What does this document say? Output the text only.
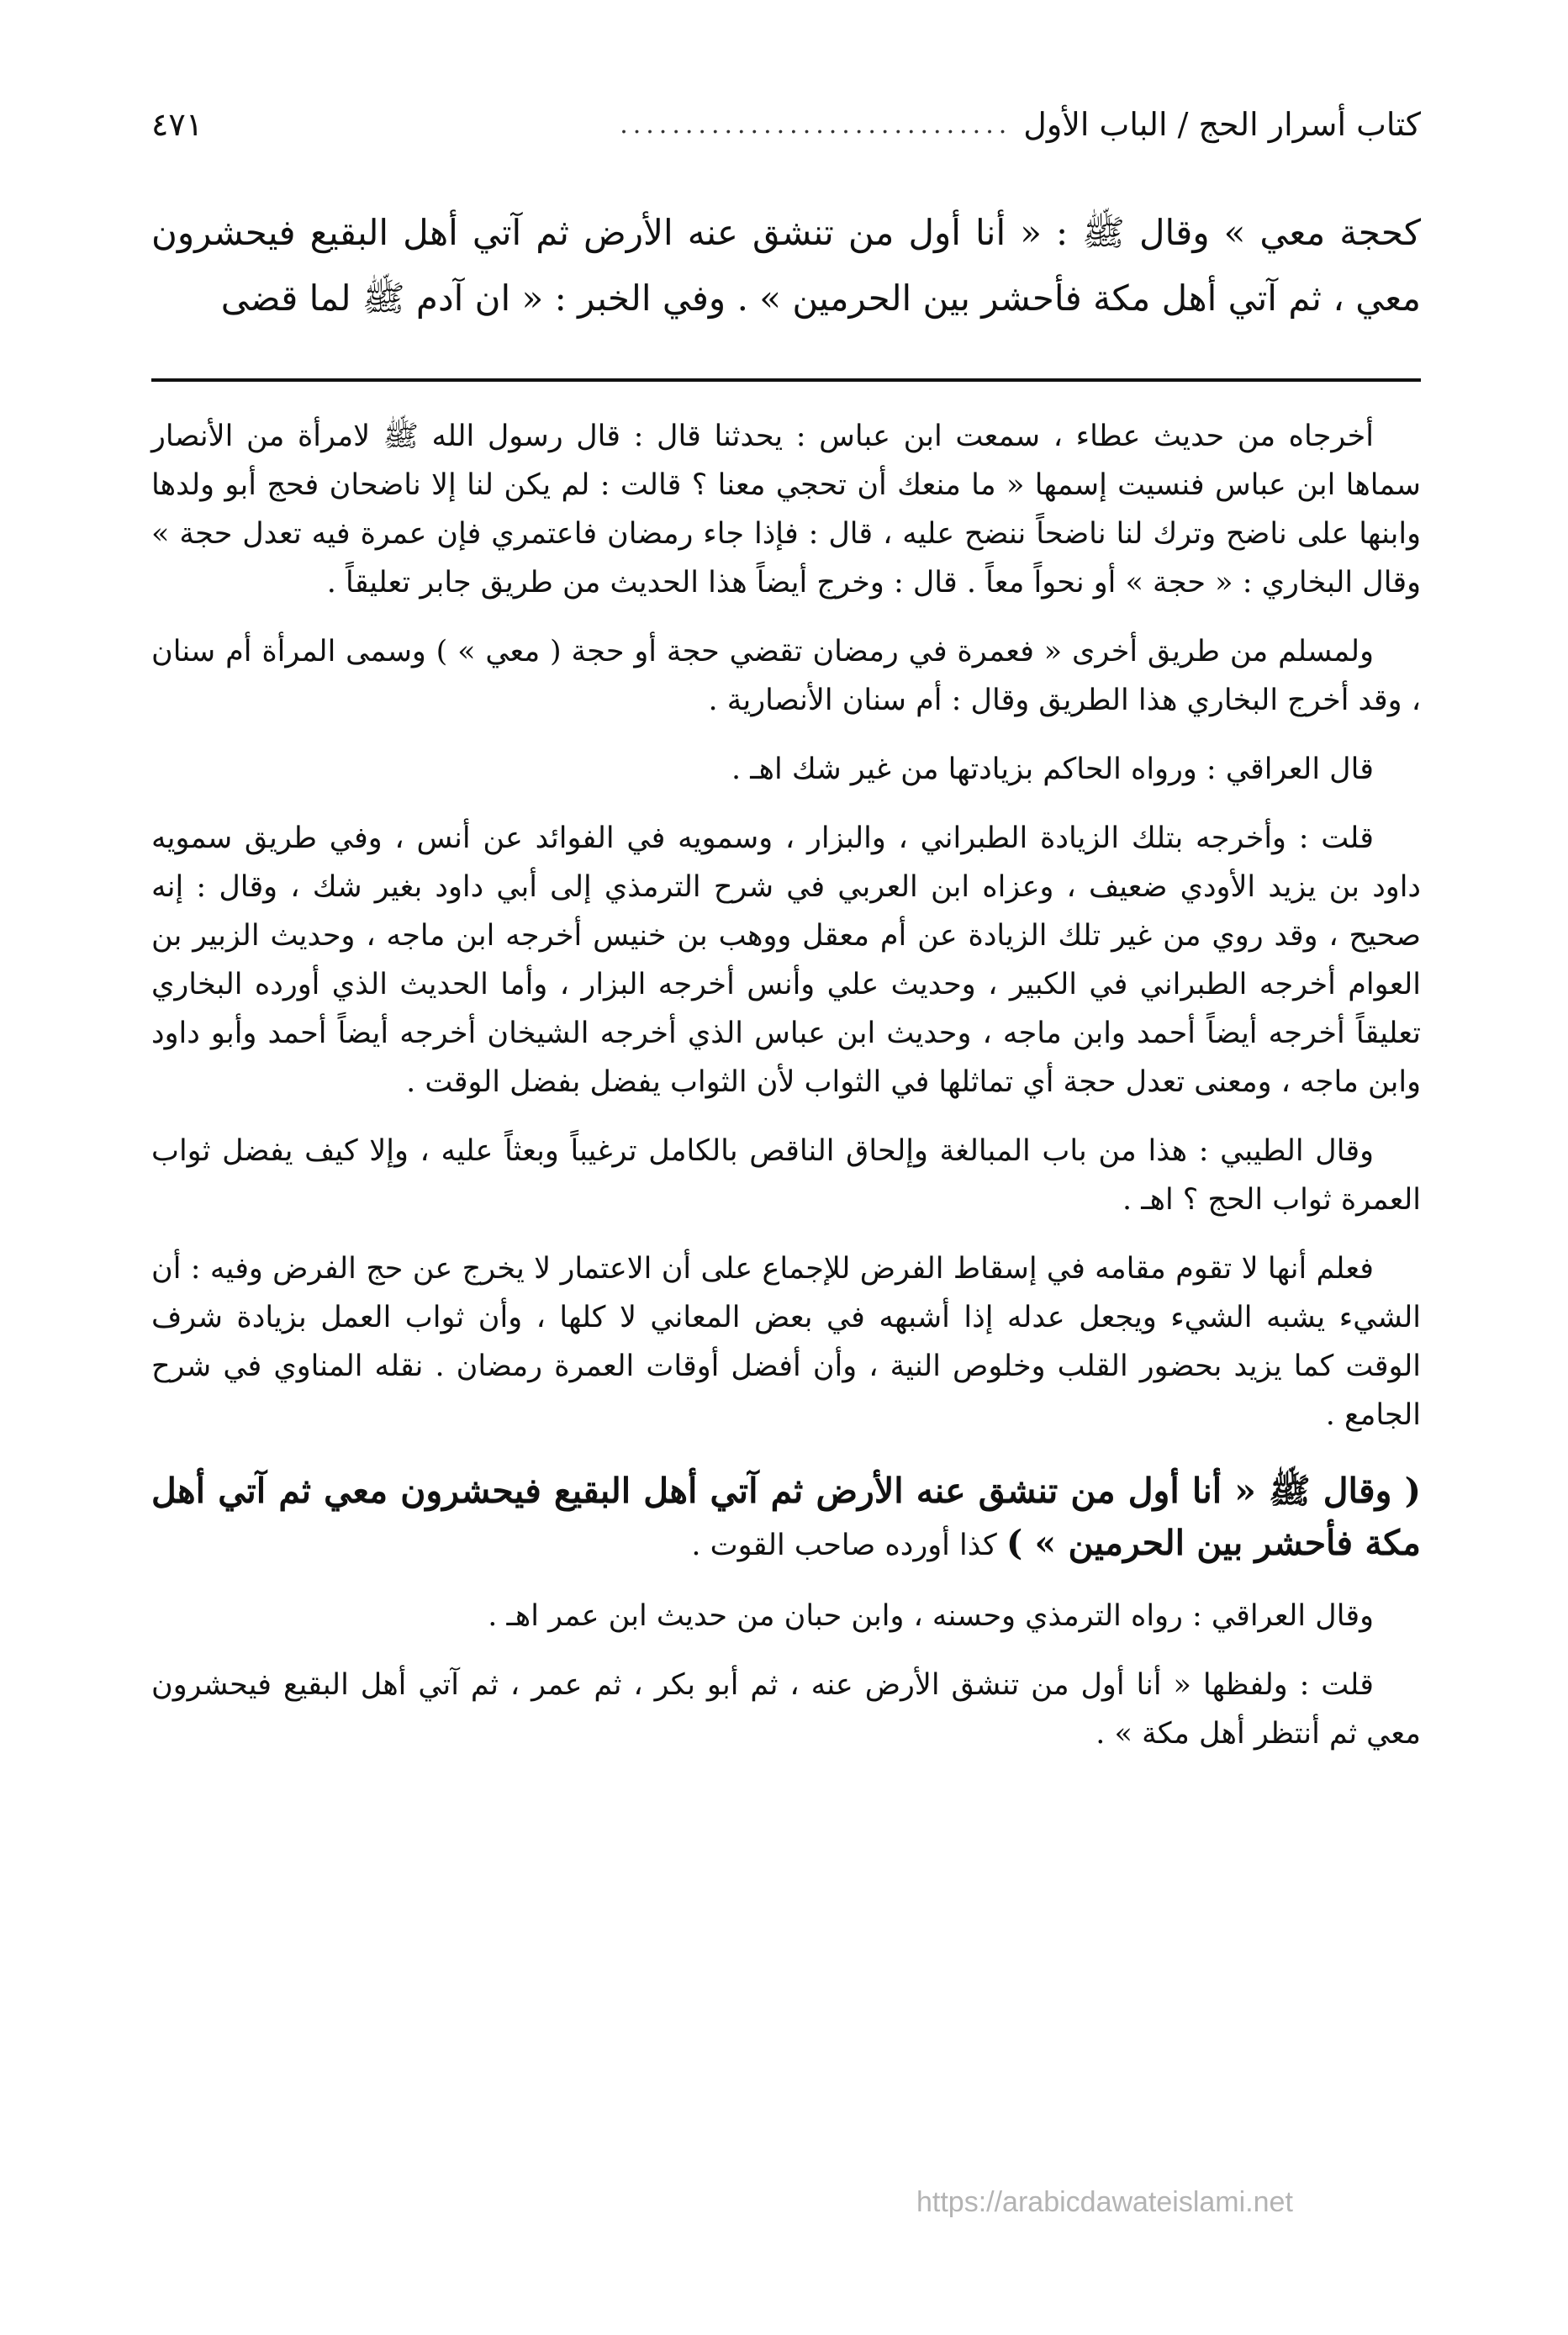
كتاب أسرار الحج / الباب الأول
..............................
٤٧١

كحجة معي » وقال ﷺ : « أنا أول من تنشق عنه الأرض ثم آتي أهل البقيع فيحشرون معي ، ثم آتي أهل مكة فأحشر بين الحرمين » . وفي الخبر : « ان آدم ﷺ لما قضى

أخرجاه من حديث عطاء ، سمعت ابن عباس : يحدثنا قال : قال رسول الله ﷺ لامرأة من الأنصار سماها ابن عباس فنسيت إسمها « ما منعك أن تحجي معنا ؟ قالت : لم يكن لنا إلا ناضحان فحج أبو ولدها وابنها على ناضح وترك لنا ناضحاً ننضح عليه ، قال : فإذا جاء رمضان فاعتمري فإن عمرة فيه تعدل حجة » وقال البخاري : « حجة » أو نحواً معاً . قال : وخرج أيضاً هذا الحديث من طريق جابر تعليقاً .

ولمسلم من طريق أخرى « فعمرة في رمضان تقضي حجة أو حجة ( معي » ) وسمى المرأة أم سنان ، وقد أخرج البخاري هذا الطريق وقال : أم سنان الأنصارية .

قال العراقي : ورواه الحاكم بزيادتها من غير شك اهـ .

قلت : وأخرجه بتلك الزيادة الطبراني ، والبزار ، وسمويه في الفوائد عن أنس ، وفي طريق سمويه داود بن يزيد الأودي ضعيف ، وعزاه ابن العربي في شرح الترمذي إلى أبي داود بغير شك ، وقال : إنه صحيح ، وقد روي من غير تلك الزيادة عن أم معقل ووهب بن خنيس أخرجه ابن ماجه ، وحديث الزبير بن العوام أخرجه الطبراني في الكبير ، وحديث علي وأنس أخرجه البزار ، وأما الحديث الذي أورده البخاري تعليقاً أخرجه أيضاً أحمد وابن ماجه ، وحديث ابن عباس الذي أخرجه الشيخان أخرجه أيضاً أحمد وأبو داود وابن ماجه ، ومعنى تعدل حجة أي تماثلها في الثواب لأن الثواب يفضل بفضل الوقت .

وقال الطيبي : هذا من باب المبالغة وإلحاق الناقص بالكامل ترغيباً وبعثاً عليه ، وإلا كيف يفضل ثواب العمرة ثواب الحج ؟ اهـ .

فعلم أنها لا تقوم مقامه في إسقاط الفرض للإجماع على أن الاعتمار لا يخرج عن حج الفرض وفيه : أن الشيء يشبه الشيء ويجعل عدله إذا أشبهه في بعض المعاني لا كلها ، وأن ثواب العمل بزيادة شرف الوقت كما يزيد بحضور القلب وخلوص النية ، وأن أفضل أوقات العمرة رمضان . نقله المناوي في شرح الجامع .

( وقال ﷺ « أنا أول من تنشق عنه الأرض ثم آتي أهل البقيع فيحشرون معي ثم آتي أهل مكة فأحشر بين الحرمين » ) كذا أورده صاحب القوت .

وقال العراقي : رواه الترمذي وحسنه ، وابن حبان من حديث ابن عمر اهـ .

قلت : ولفظها « أنا أول من تنشق الأرض عنه ، ثم أبو بكر ، ثم عمر ، ثم آتي أهل البقيع فيحشرون معي ثم أنتظر أهل مكة » .

https://arabicdawateislami.net
